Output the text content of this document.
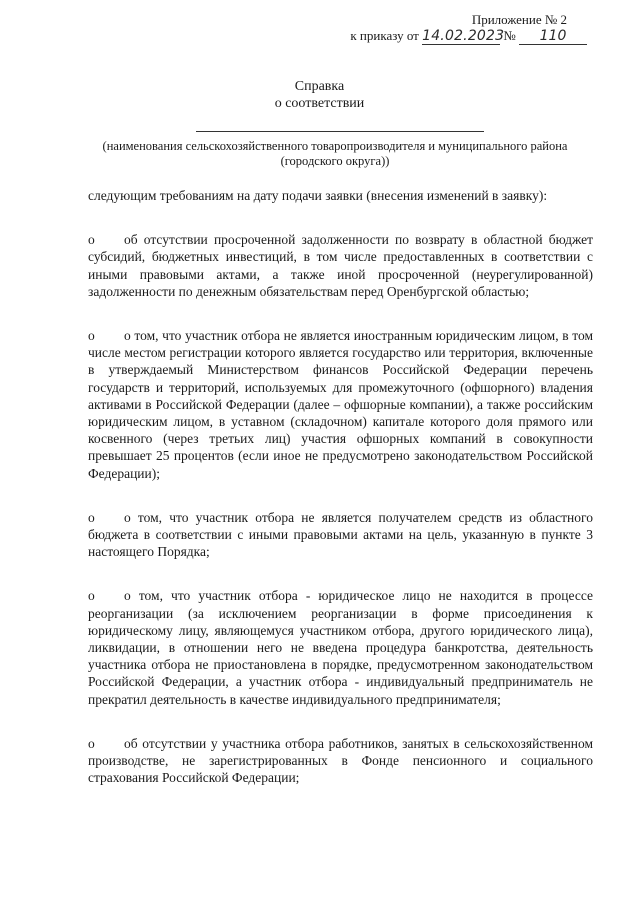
Приложение № 2
к приказу от 14.02.2023 № 110
Справка
о соответствии
(наименования сельскохозяйственного товаропроизводителя и муниципального района (городского округа))

следующим требованиям на дату подачи заявки (внесения изменений в заявку):

o об отсутствии просроченной задолженности по возврату в областной бюджет субсидий, бюджетных инвестиций, в том числе предоставленных в соответствии с иными правовыми актами, а также иной просроченной (неурегулированной) задолженности по денежным обязательствам перед Оренбургской областью;

o о том, что участник отбора не является иностранным юридическим лицом, в том числе местом регистрации которого является государство или территория, включенные в утверждаемый Министерством финансов Российской Федерации перечень государств и территорий, используемых для промежуточного (офшорного) владения активами в Российской Федерации (далее – офшорные компании), а также российским юридическим лицом, в уставном (складочном) капитале которого доля прямого или косвенного (через третьих лиц) участия офшорных компаний в совокупности превышает 25 процентов (если иное не предусмотрено законодательством Российской Федерации);

o о том, что участник отбора не является получателем средств из областного бюджета в соответствии с иными правовыми актами на цель, указанную в пункте 3 настоящего Порядка;

o о том, что участник отбора - юридическое лицо не находится в процессе реорганизации (за исключением реорганизации в форме присоединения к юридическому лицу, являющемуся участником отбора, другого юридического лица), ликвидации, в отношении него не введена процедура банкротства, деятельность участника отбора не приостановлена в порядке, предусмотренном законодательством Российской Федерации, а участник отбора - индивидуальный предприниматель не прекратил деятельность в качестве индивидуального предпринимателя;

o об отсутствии у участника отбора работников, занятых в сельскохозяйственном производстве, не зарегистрированных в Фонде пенсионного и социального страхования Российской Федерации;
